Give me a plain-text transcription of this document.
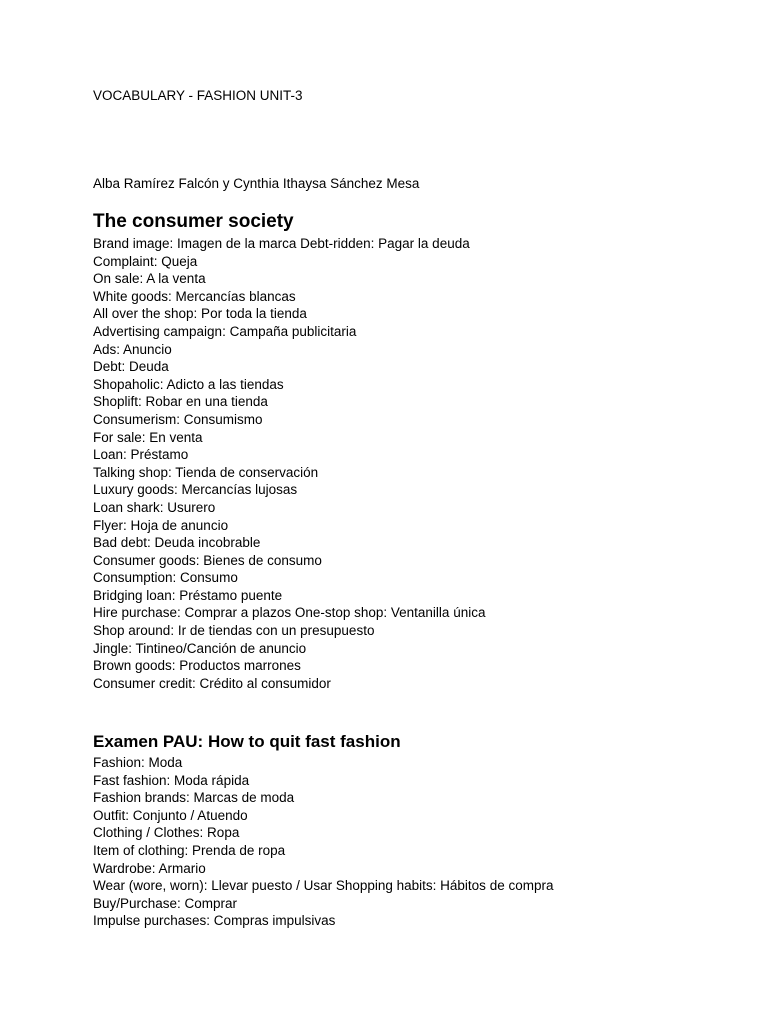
VOCABULARY - FASHION UNIT-3
Alba Ramírez Falcón y Cynthia Ithaysa Sánchez Mesa
The consumer society
Brand image: Imagen de la marca Debt-ridden: Pagar la deuda
Complaint: Queja
On sale: A la venta
White goods: Mercancías blancas
All over the shop: Por toda la tienda
Advertising campaign: Campaña publicitaria
Ads: Anuncio
Debt: Deuda
Shopaholic: Adicto a las tiendas
Shoplift: Robar en una tienda
Consumerism: Consumismo
For sale: En venta
Loan: Préstamo
Talking shop: Tienda de conservación
Luxury goods: Mercancías lujosas
Loan shark: Usurero
Flyer: Hoja de anuncio
Bad debt: Deuda incobrable
Consumer goods: Bienes de consumo
Consumption: Consumo
Bridging loan: Préstamo puente
Hire purchase: Comprar a plazos One-stop shop: Ventanilla única
Shop around: Ir de tiendas con un presupuesto
Jingle: Tintineo/Canción de anuncio
Brown goods: Productos marrones
Consumer credit: Crédito al consumidor
Examen PAU: How to quit fast fashion
Fashion: Moda
Fast fashion: Moda rápida
Fashion brands: Marcas de moda
Outfit: Conjunto / Atuendo
Clothing / Clothes: Ropa
Item of clothing: Prenda de ropa
Wardrobe: Armario
Wear (wore, worn): Llevar puesto / Usar Shopping habits: Hábitos de compra
Buy/Purchase: Comprar
Impulse purchases: Compras impulsivas
